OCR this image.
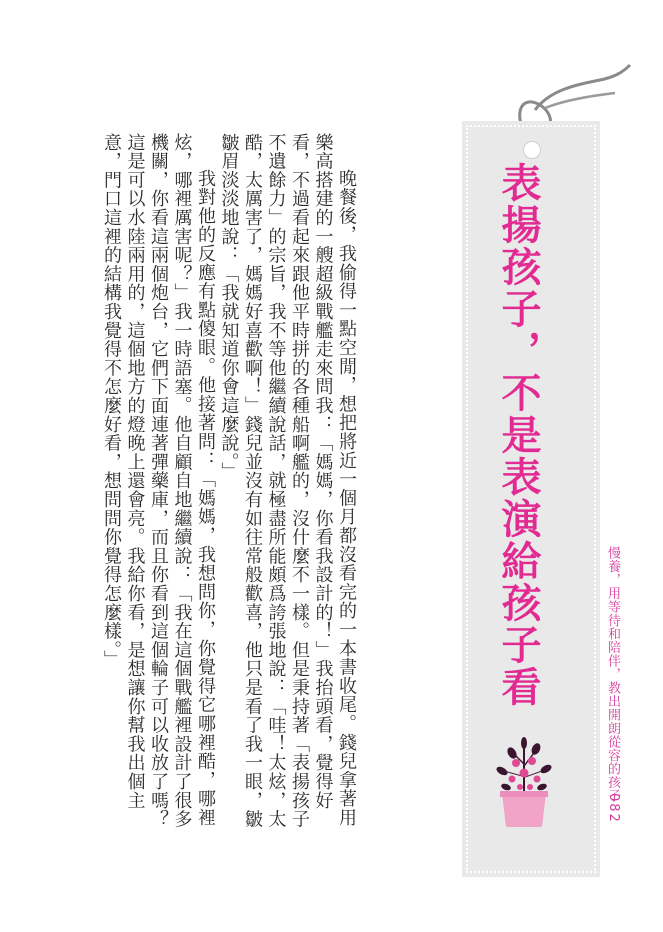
晚餐後，我偷得一點空閒，想把將近一個月都沒看完的一本書收尾。錢兒拿著用樂高搭建的一艘超級戰艦走來問我：「媽媽，你看我設計的！」我抬頭看，覺得好看，不過看起來跟他平時拼的各種船啊艦的，沒什麼不一樣。但是秉持著「表揚孩子不遺餘力」的宗旨，我不等他繼續說話，就極盡所能頗爲誇張地說：「哇！太炫，太酷，太厲害了，媽媽好喜歡啊！」錢兒並沒有如往常般歡喜，他只是看了我一眼，皺皺眉淡淡地說：「我就知道你會這麼說。」

我對他的反應有點傻眼。他接著問：「媽媽，我想問你，你覺得它哪裡酷，哪裡炫，哪裡厲害呢？」我一時語塞。他自顧自地繼續說：「我在這個戰艦裡設計了很多機關，你看這兩個炮台，它們下面連著彈藥庫，而且你看到這個輪子可以收放了嗎？這是可以水陸兩用的，這個地方的燈晚上還會亮。我給你看，是想讓你幫我出個主意，門口這裡的結構我覺得不怎麼好看，想問問你覺得怎麼樣。」	表揚孩子，不是表演給孩子看	慢養，用等待和陪伴，教出開朗從容的孩子
082
